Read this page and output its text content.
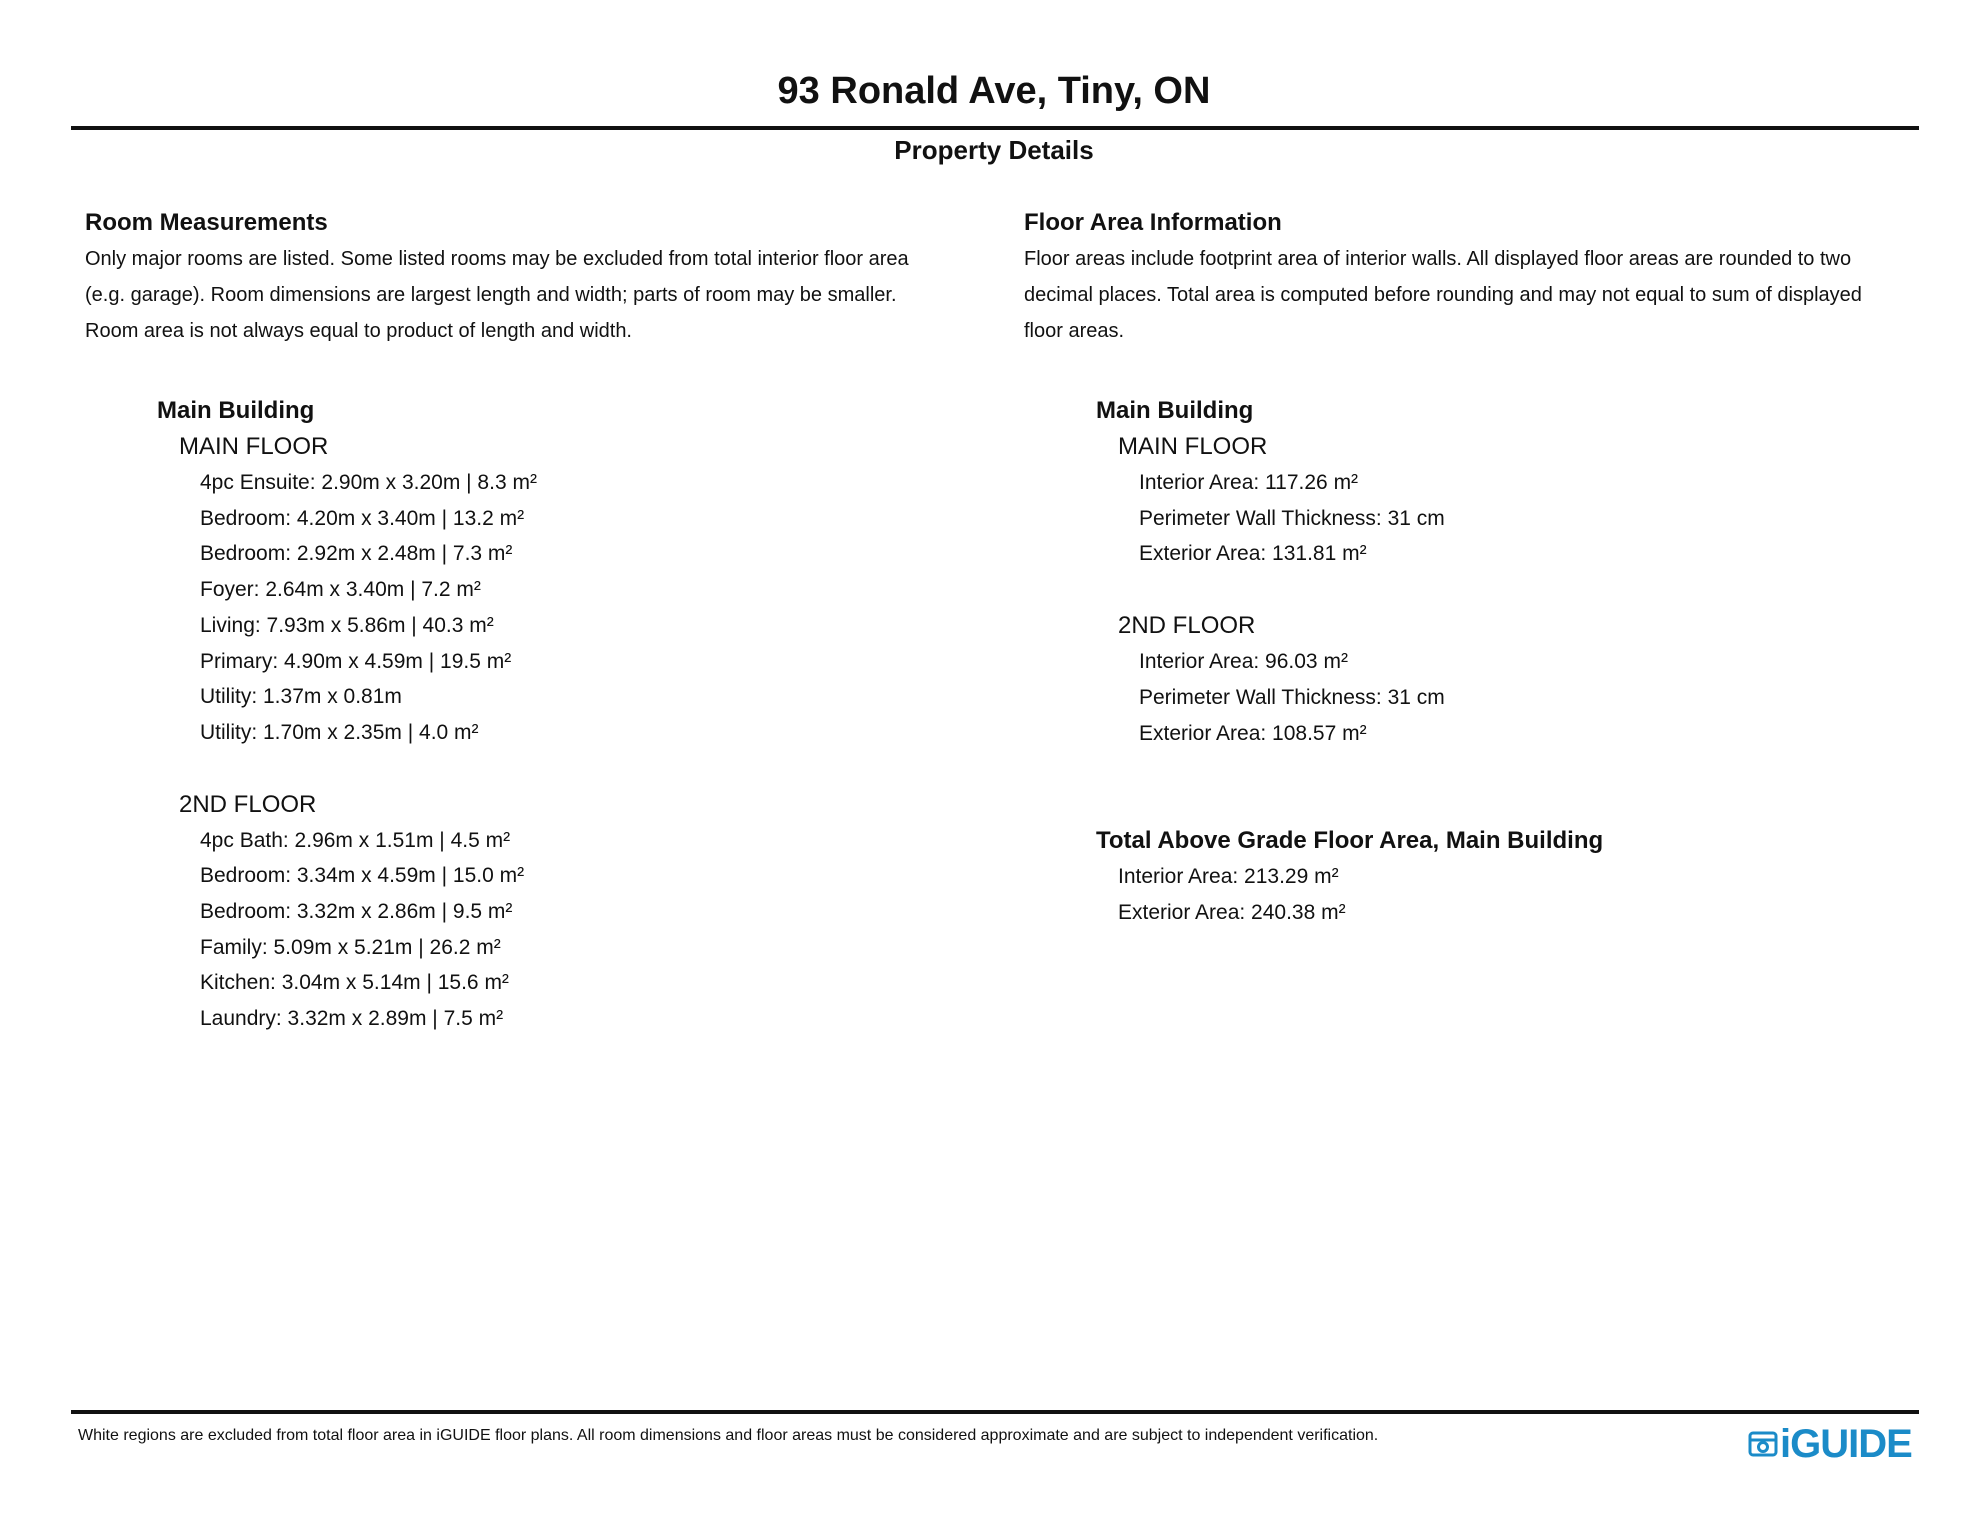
93 Ronald Ave, Tiny, ON
Property Details
Room Measurements
Only major rooms are listed. Some listed rooms may be excluded from total interior floor area
(e.g. garage). Room dimensions are largest length and width; parts of room may be smaller.
Room area is not always equal to product of length and width.
Main Building
MAIN FLOOR
4pc Ensuite: 2.90m x 3.20m | 8.3 m²
Bedroom: 4.20m x 3.40m | 13.2 m²
Bedroom: 2.92m x 2.48m | 7.3 m²
Foyer: 2.64m x 3.40m | 7.2 m²
Living: 7.93m x 5.86m | 40.3 m²
Primary: 4.90m x 4.59m | 19.5 m²
Utility: 1.37m x 0.81m
Utility: 1.70m x 2.35m | 4.0 m²
2ND FLOOR
4pc Bath: 2.96m x 1.51m | 4.5 m²
Bedroom: 3.34m x 4.59m | 15.0 m²
Bedroom: 3.32m x 2.86m | 9.5 m²
Family: 5.09m x 5.21m | 26.2 m²
Kitchen: 3.04m x 5.14m | 15.6 m²
Laundry: 3.32m x 2.89m | 7.5 m²
Floor Area Information
Floor areas include footprint area of interior walls. All displayed floor areas are rounded to two
decimal places. Total area is computed before rounding and may not equal to sum of displayed
floor areas.
Main Building
MAIN FLOOR
Interior Area: 117.26 m²
Perimeter Wall Thickness: 31 cm
Exterior Area: 131.81 m²
2ND FLOOR
Interior Area: 96.03 m²
Perimeter Wall Thickness: 31 cm
Exterior Area: 108.57 m²
Total Above Grade Floor Area, Main Building
Interior Area: 213.29 m²
Exterior Area: 240.38 m²
White regions are excluded from total floor area in iGUIDE floor plans. All room dimensions and floor areas must be considered approximate and are subject to independent verification.	iGUIDE
